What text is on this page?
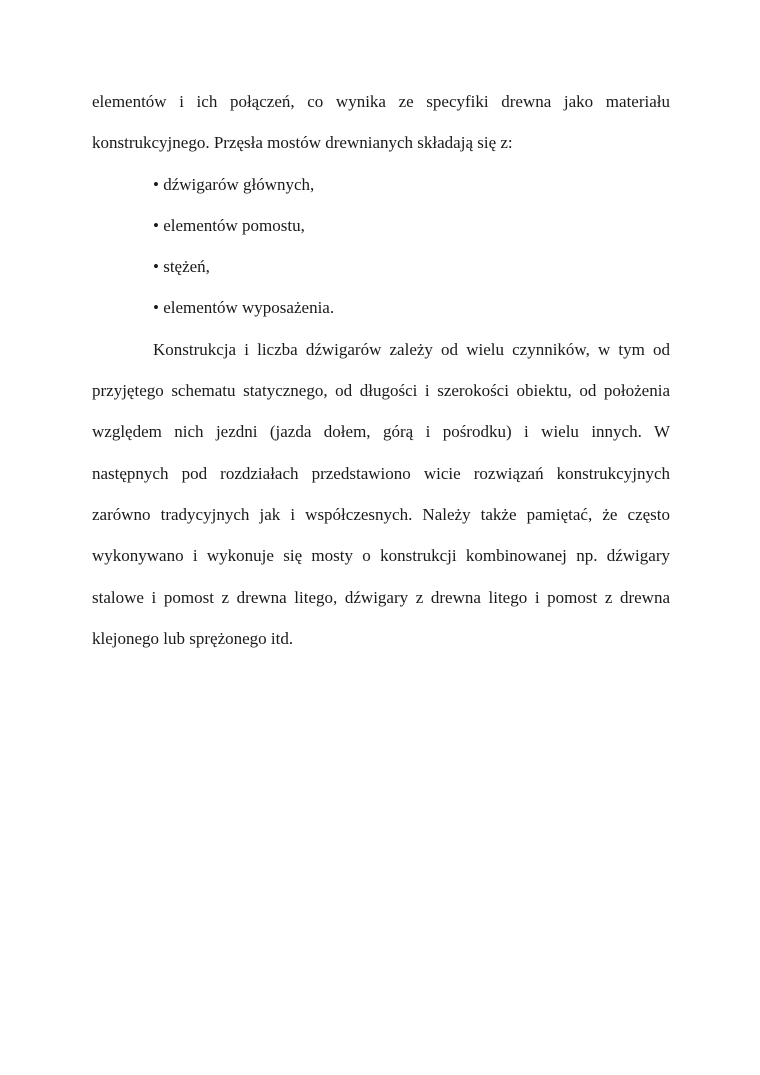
elementów i ich połączeń, co wynika ze specyfiki drewna jako materiału
konstrukcyjnego. Przęsła mostów drewnianych składają się z:
• dźwigarów głównych,
• elementów pomostu,
• stężeń,
• elementów wyposażenia.
Konstrukcja i liczba dźwigarów zależy od wielu czynników, w tym od
przyjętego schematu statycznego, od długości i szerokości obiektu, od położenia
względem nich jezdni (jazda dołem, górą i pośrodku) i wielu innych. W
następnych pod rozdziałach przedstawiono wicie rozwiązań konstrukcyjnych
zarówno tradycyjnych jak i współczesnych. Należy także pamiętać, że często
wykonywano i wykonuje się mosty o konstrukcji kombinowanej np. dźwigary
stalowe i pomost z drewna litego, dźwigary z drewna litego i pomost z drewna
klejonego lub sprężonego itd.
